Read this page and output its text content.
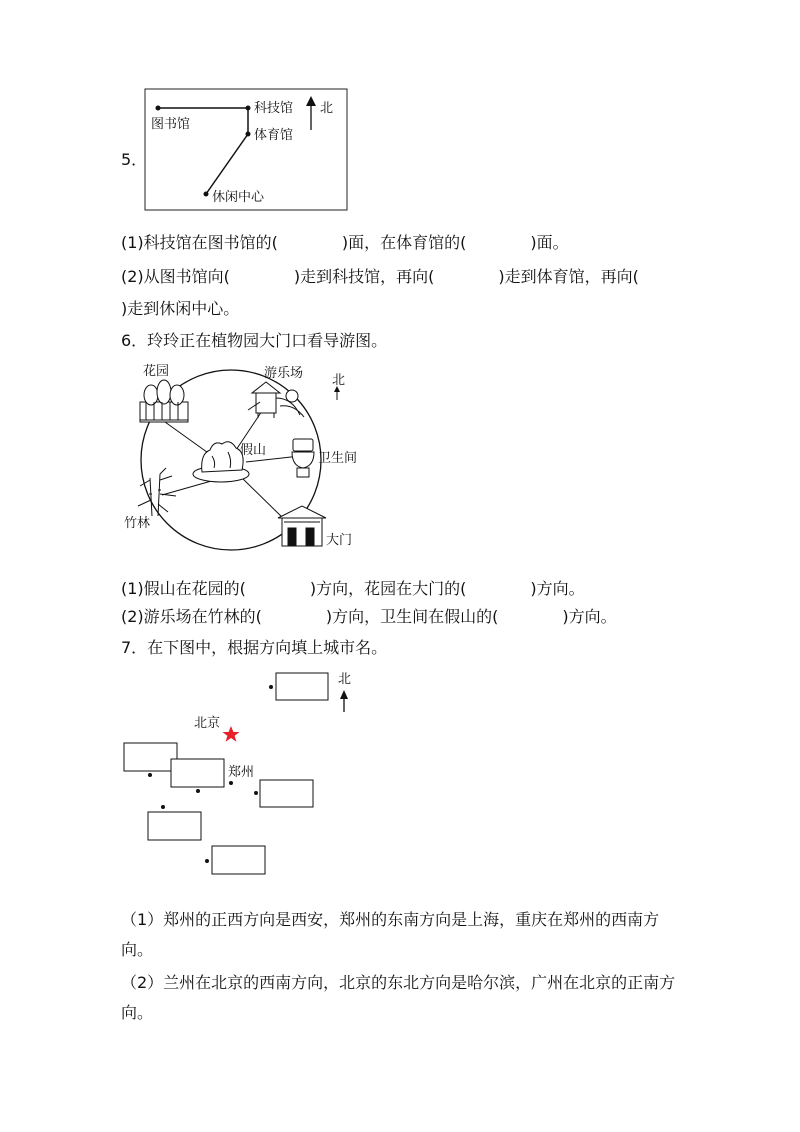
5．
图书馆
科技馆
体育馆
休闲中心
北
(1)科技馆在图书馆的(　　　　)面，在体育馆的(　　　　)面。
(2)从图书馆向(　　　　)走到科技馆，再向(　　　　)走到体育馆，再向(
)走到休闲中心。
6．玲玲正在植物园大门口看导游图。
花园	游乐场 北
假山
卫生间
竹林
大门
(1)假山在花园的(　　　　)方向，花园在大门的(　　　　)方向。
(2)游乐场在竹林的(　　　　)方向，卫生间在假山的(　　　　)方向。
7．在下图中，根据方向填上城市名。
北
北京
郑州
（1）郑州的正西方向是西安，郑州的东南方向是上海，重庆在郑州的西南方
向。
（2）兰州在北京的西南方向，北京的东北方向是哈尔滨，广州在北京的正南方
向。
